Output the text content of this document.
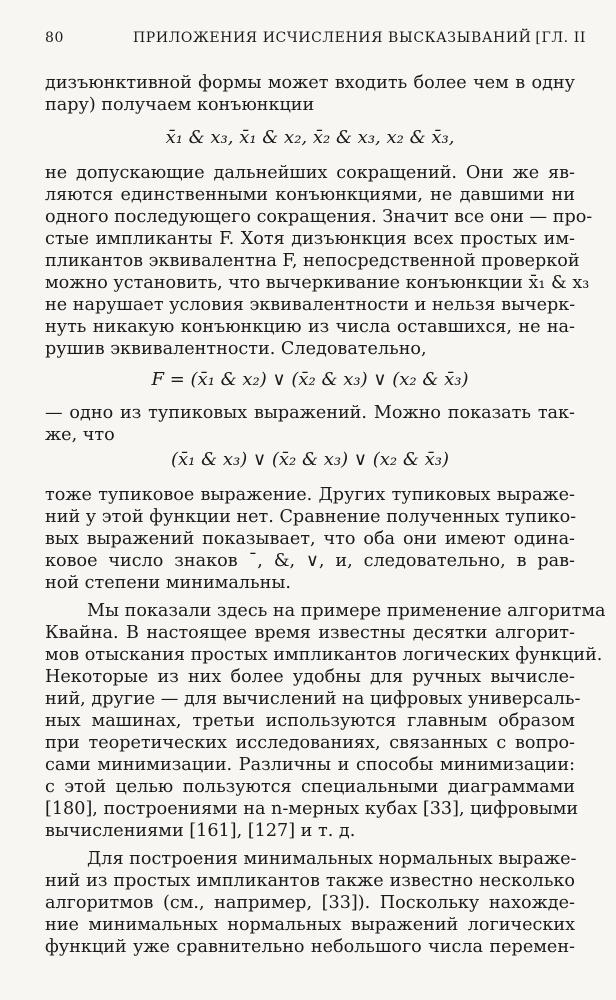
80	ПРИЛОЖЕНИЯ ИСЧИСЛЕНИЯ ВЫСКАЗЫВАНИЙ [ГЛ. II
дизъюнктивной формы может входить более чем в одну
пару) получаем конъюнкции
x̄₁ & x₃, x̄₁ & x₂, x̄₂ & x₃, x₂ & x̄₃,
не допускающие дальнейших сокращений. Они же яв-
ляются единственными конъюнкциями, не давшими ни
одного последующего сокращения. Значит все они — про-
стые импликанты F. Хотя дизъюнкция всех простых им-
пликантов эквивалентна F, непосредственной проверкой
можно установить, что вычеркивание конъюнкции x̄₁ & x₃
не нарушает условия эквивалентности и нельзя вычерк-
нуть никакую конъюнкцию из числа оставшихся, не на-
рушив эквивалентности. Следовательно,
F = (x̄₁ & x₂) ∨ (x̄₂ & x₃) ∨ (x₂ & x̄₃)
— одно из тупиковых выражений. Можно показать так-
же, что
(x̄₁ & x₃) ∨ (x̄₂ & x₃) ∨ (x₂ & x̄₃)
тоже тупиковое выражение. Других тупиковых выраже-
ний у этой функции нет. Сравнение полученных тупико-
вых выражений показывает, что оба они имеют одина-
ковое число знаков ¯, &, ∨, и, следовательно, в рав-
ной степени минимальны.
Мы показали здесь на примере применение алгоритма
Квайна. В настоящее время известны десятки алгорит-
мов отыскания простых импликантов логических функций.
Некоторые из них более удобны для ручных вычисле-
ний, другие — для вычислений на цифровых универсаль-
ных машинах, третьи используются главным образом
при теоретических исследованиях, связанных с вопро-
сами минимизации. Различны и способы минимизации:
с этой целью пользуются специальными диаграммами
[180], построениями на n-мерных кубах [33], цифровыми
вычислениями [161], [127] и т. д.
Для построения минимальных нормальных выраже-
ний из простых импликантов также известно несколько
алгоритмов (см., например, [33]). Поскольку нахожде-
ние минимальных нормальных выражений логических
функций уже сравнительно небольшого числа перемен-
